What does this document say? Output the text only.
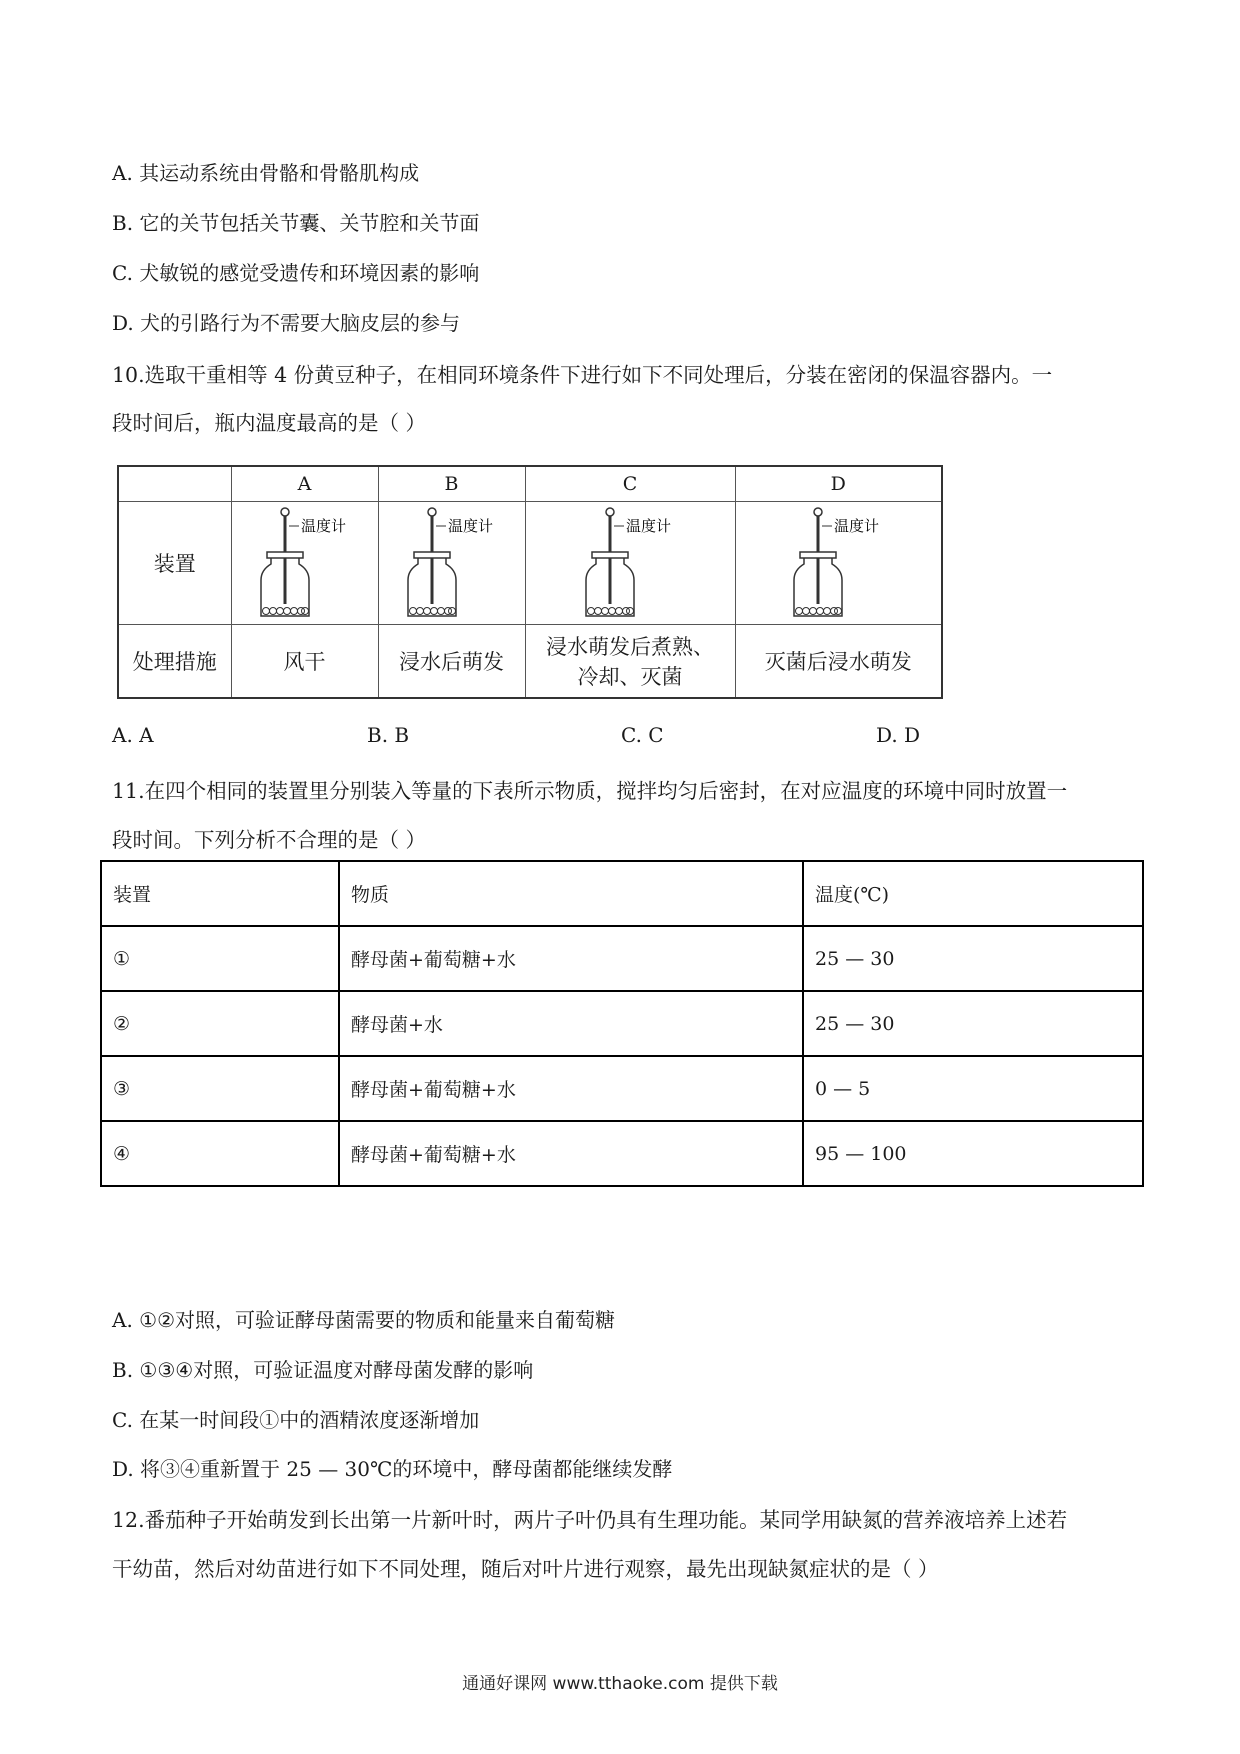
A. 其运动系统由骨骼和骨骼肌构成
B. 它的关节包括关节囊、关节腔和关节面
C. 犬敏锐的感觉受遗传和环境因素的影响
D. 犬的引路行为不需要大脑皮层的参与
10.选取干重相等 4 份黄豆种子，在相同环境条件下进行如下不同处理后，分装在密闭的保温容器内。一
段时间后，瓶内温度最高的是（ ）
	A	B	C	D
装置	温度计	温度计	温度计	温度计

处理措施	风干	浸水后萌发	浸水萌发后煮熟、
冷却、灭菌	灭菌后浸水萌发
A. A	B. B	C. C	D. D
11.在四个相同的装置里分别装入等量的下表所示物质，搅拌均匀后密封，在对应温度的环境中同时放置一
段时间。下列分析不合理的是（ ）
装置	物质	温度(℃)
①	酵母菌+葡萄糖+水	25 — 30
②	酵母菌+水	25 — 30
③	酵母菌+葡萄糖+水	0 — 5
④	酵母菌+葡萄糖+水	95 — 100
A. ①②对照，可验证酵母菌需要的物质和能量来自葡萄糖
B. ①③④对照，可验证温度对酵母菌发酵的影响
C. 在某一时间段①中的酒精浓度逐渐增加
D. 将③④重新置于 25 — 30℃的环境中，酵母菌都能继续发酵
12.番茄种子开始萌发到长出第一片新叶时，两片子叶仍具有生理功能。某同学用缺氮的营养液培养上述若
干幼苗，然后对幼苗进行如下不同处理，随后对叶片进行观察，最先出现缺氮症状的是（ ）
通通好课网 www.tthaoke.com 提供下载
